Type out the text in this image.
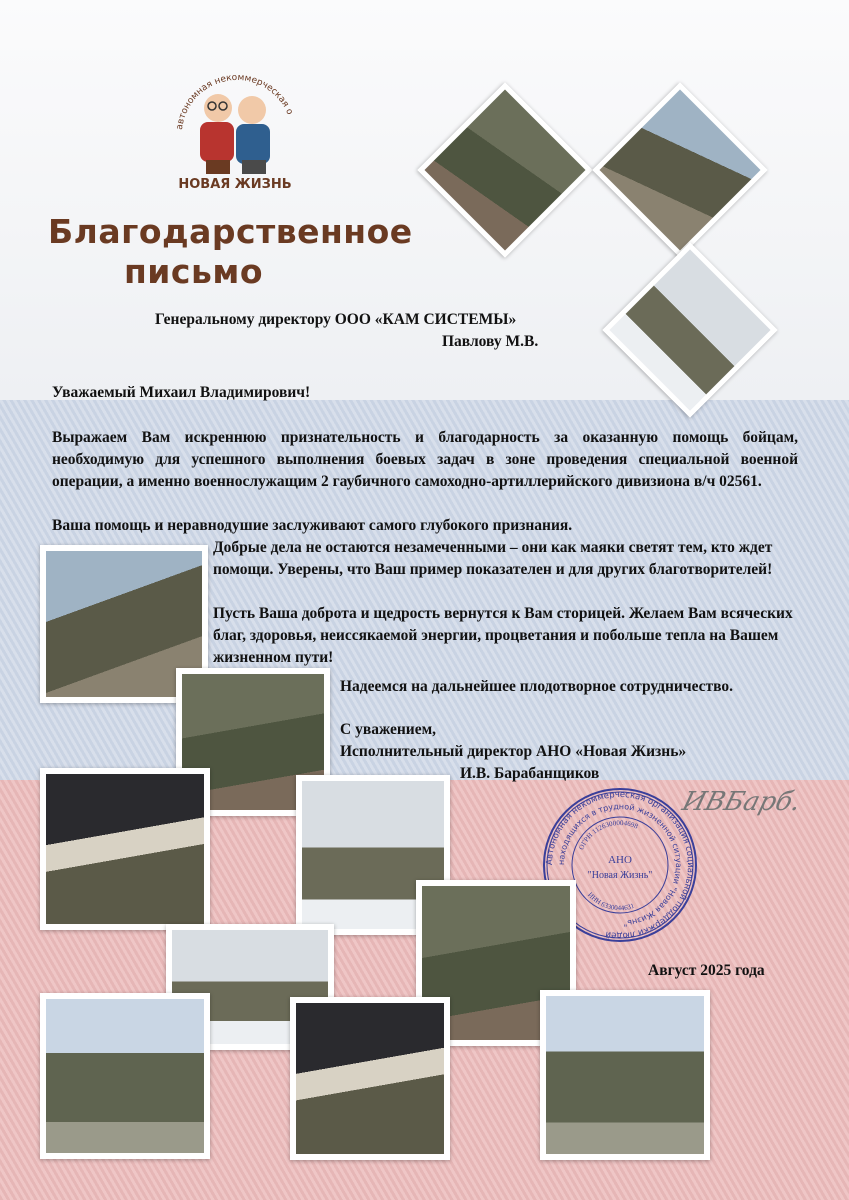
автономная некоммерческая о
НОВАЯ ЖИЗНЬ
Благодарственное
письмо
Генеральному директору ООО «КАМ СИСТЕМЫ»
Павлову М.В.
Уважаемый Михаил Владимирович!
Выражаем Вам искреннюю признательность и благодарность за оказанную помощь бойцам, необходимую для успешного выполнения боевых задач в зоне проведения специальной военной операции, а именно военнослужащим 2 гаубичного самоходно-артиллерийского дивизиона в/ч 02561.
Ваша помощь и неравнодушие заслуживают самого глубокого признания.
Добрые дела не остаются незамеченными – они как маяки светят тем, кто ждет помощи. Уверены, что Ваш пример показателен и для других благотворителей!
Пусть Ваша доброта и щедрость вернутся к Вам сторицей. Желаем Вам всяческих благ, здоровья, неиссякаемой энергии, процветания и побольше тепла на Вашем жизненном пути!
Надеемся на дальнейшее плодотворное сотрудничество.
С уважением,
Исполнительный директор АНО «Новая Жизнь»
И.В. Барабанщиков
ИВБарб.
Автономная некоммерческая организация социальной поддержки людей
находящихся в трудной жизненной ситуации "Новая Жизнь"
ОГРН 1126300004698
ИНН 6330044631
АНО
"Новая Жизнь"
Август 2025 года
